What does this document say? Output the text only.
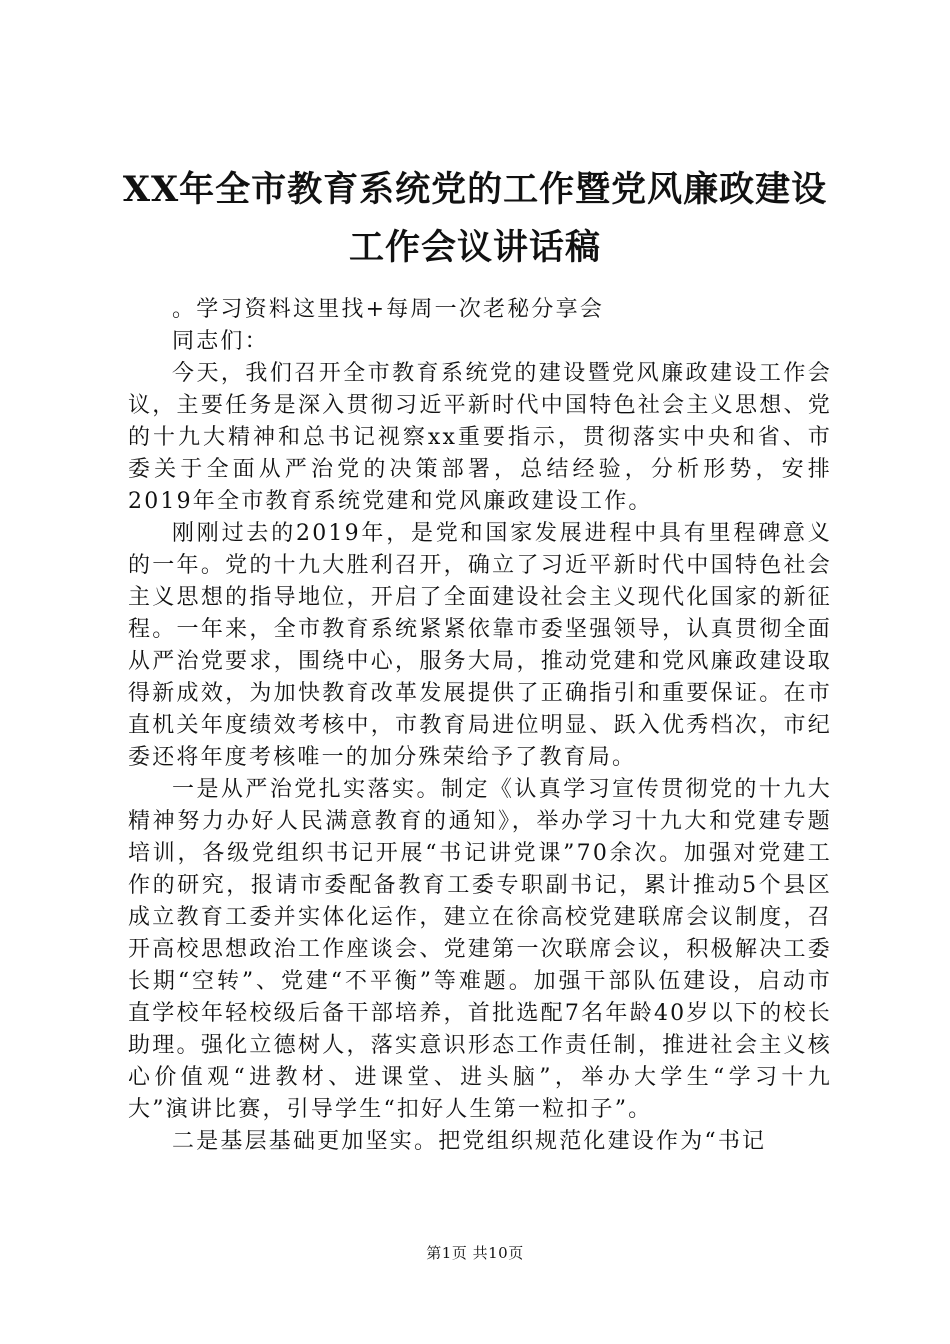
XX年全市教育系统党的工作暨党风廉政建设
工作会议讲话稿

。学习资料这里找+每周一次老秘分享会

同志们：

今天，我们召开全市教育系统党的建设暨党风廉政建设工作会议，主要任务是深入贯彻习近平新时代中国特色社会主义思想、党的十九大精神和总书记视察xx重要指示，贯彻落实中央和省、市委关于全面从严治党的决策部署，总结经验，分析形势，安排2019年全市教育系统党建和党风廉政建设工作。

刚刚过去的2019年，是党和国家发展进程中具有里程碑意义的一年。党的十九大胜利召开，确立了习近平新时代中国特色社会主义思想的指导地位，开启了全面建设社会主义现代化国家的新征程。一年来，全市教育系统紧紧依靠市委坚强领导，认真贯彻全面从严治党要求，围绕中心，服务大局，推动党建和党风廉政建设取得新成效，为加快教育改革发展提供了正确指引和重要保证。在市直机关年度绩效考核中，市教育局进位明显、跃入优秀档次，市纪委还将年度考核唯一的加分殊荣给予了教育局。

一是从严治党扎实落实。制定《认真学习宣传贯彻党的十九大精神努力办好人民满意教育的通知》，举办学习十九大和党建专题培训，各级党组织书记开展“书记讲党课”70余次。加强对党建工作的研究，报请市委配备教育工委专职副书记，累计推动5个县区成立教育工委并实体化运作，建立在徐高校党建联席会议制度，召开高校思想政治工作座谈会、党建第一次联席会议，积极解决工委长期“空转”、党建“不平衡”等难题。加强干部队伍建设，启动市直学校年轻校级后备干部培养，首批选配7名年龄40岁以下的校长助理。强化立德树人，落实意识形态工作责任制，推进社会主义核心价值观“进教材、进课堂、进头脑”，举办大学生“学习十九大”演讲比赛，引导学生“扣好人生第一粒扣子”。

二是基层基础更加坚实。把党组织规范化建设作为“书记

第1页 共10页
